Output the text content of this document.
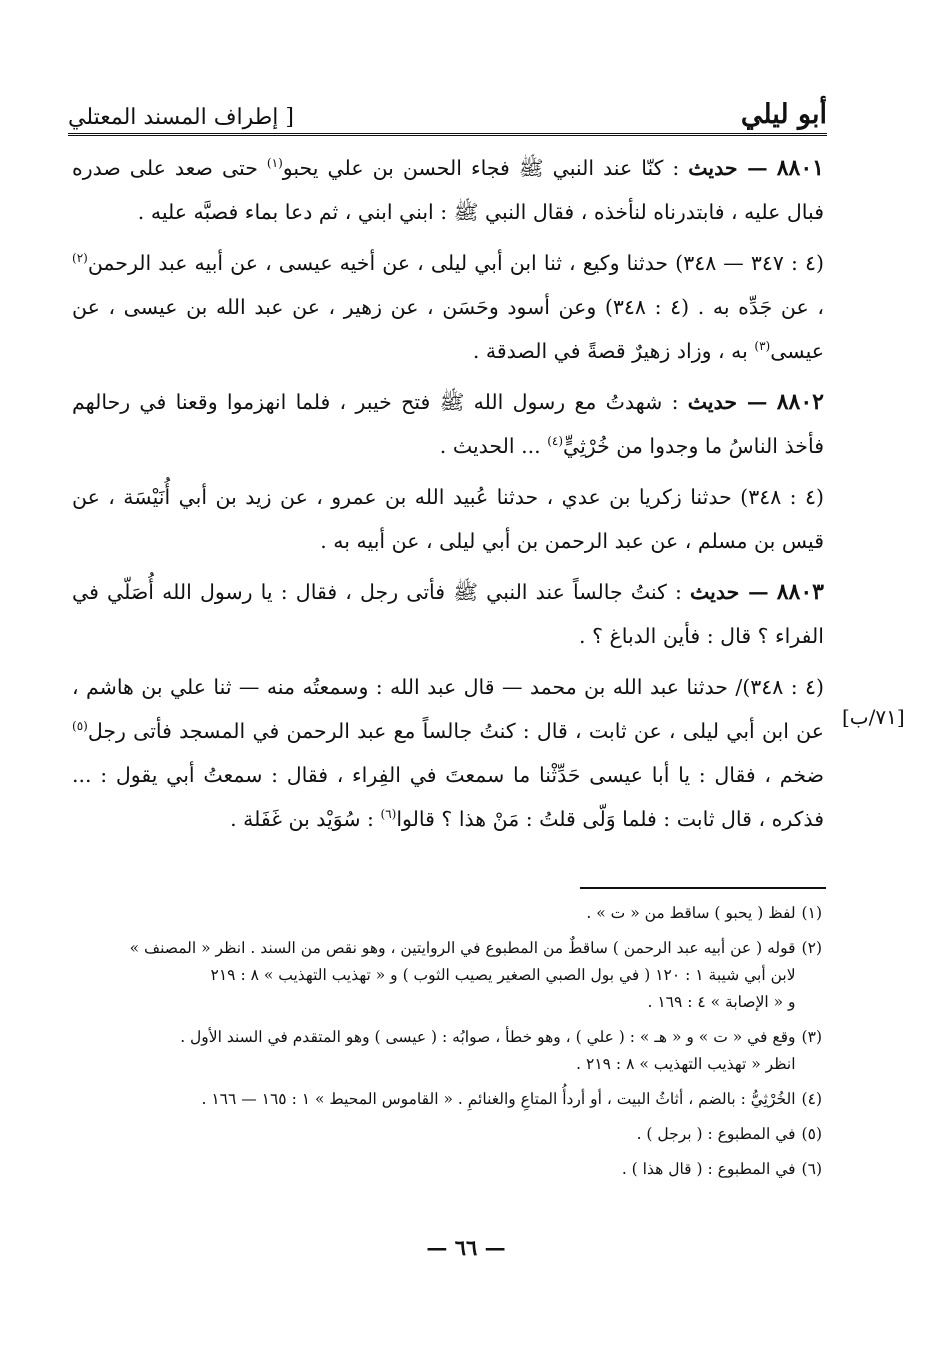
أبو ليلي
[ إطراف المسند المعتلي

٨٨٠١ — حديث : كنّا عند النبي ﷺ فجاء الحسن بن علي يحبو$^{(١)}$ حتى صعد على صدره فبال عليه ، فابتدرناه لنأخذه ، فقال النبي ﷺ : ابني ابني ، ثم دعا بماء فصبَّه عليه .

(٤ : ٣٤٧ — ٣٤٨) حدثنا وكيع ، ثنا ابن أبي ليلى ، عن أخيه عيسى ، عن أبيه عبد الرحمن$^{(٢)}$ ، عن جَدِّه به . (٤ : ٣٤٨) وعن أسود وحَسَن ، عن زهير ، عن عبد الله بن عيسى ، عن عيسى$^{(٣)}$ به ، وزاد زهيرٌ قصةً في الصدقة .

٨٨٠٢ — حديث : شهدتُ مع رسول الله ﷺ فتح خيبر ، فلما انهزموا وقعنا في رحالهم فأخذ الناسُ ما وجدوا من خُرْثِيٍّ$^{(٤)}$ ... الحديث .

(٤ : ٣٤٨) حدثنا زكريا بن عدي ، حدثنا عُبيد الله بن عمرو ، عن زيد بن أبي أُنَيْسَة ، عن قيس بن مسلم ، عن عبد الرحمن بن أبي ليلى ، عن أبيه به .

٨٨٠٣ — حديث : كنتُ جالساً عند النبي ﷺ فأتى رجل ، فقال : يا رسول الله أُصَلّي في الفراء ؟ قال : فأين الدباغ ؟ .

(٤ : ٣٤٨)/ حدثنا عبد الله بن محمد — قال عبد الله : وسمعتُه منه — ثنا علي بن هاشم ، عن ابن أبي ليلى ، عن ثابت ، قال : كنتُ جالساً مع عبد الرحمن في المسجد فأتى رجل$^{(٥)}$ ضخم ، فقال : يا أبا عيسى حَدِّثْنا ما سمعتَ في الفِراء ، فقال : سمعتُ أبي يقول : ... فذكره ، قال ثابت : فلما وَلّى قلتُ : مَنْ هذا ؟ قالوا$^{(٦)}$ : سُوَيْد بن غَفَلة .

[٧١/ب]
(١)
لفظ ( يحبو ) ساقط من « ت » .
(٢)
قوله ( عن أبيه عبد الرحمن ) ساقطٌ من المطبوع في الروايتين ، وهو نقص من السند . انظر « المصنف »
لابن أبي شيبة ١ : ١٢٠ ( في بول الصبي الصغير يصيب الثوب ) و « تهذيب التهذيب » ٨ : ٢١٩
و « الإصابة » ٤ : ١٦٩ .
(٣)
وقع في « ت » و « هـ » : ( علي ) ، وهو خطأ ، صوابُه : ( عيسى ) وهو المتقدم في السند الأول .
انظر « تهذيب التهذيب » ٨ : ٢١٩ .
(٤)
الخُرْثِيُّ : بالضم ، أثاثُ البيت ، أو أردأُ المتاعِ والغنائمِ . « القاموس المحيط » ١ : ١٦٥ — ١٦٦ .
(٥)
في المطبوع : ( برجل ) .
(٦)
في المطبوع : ( قال هذا ) .
— ٦٦ —
